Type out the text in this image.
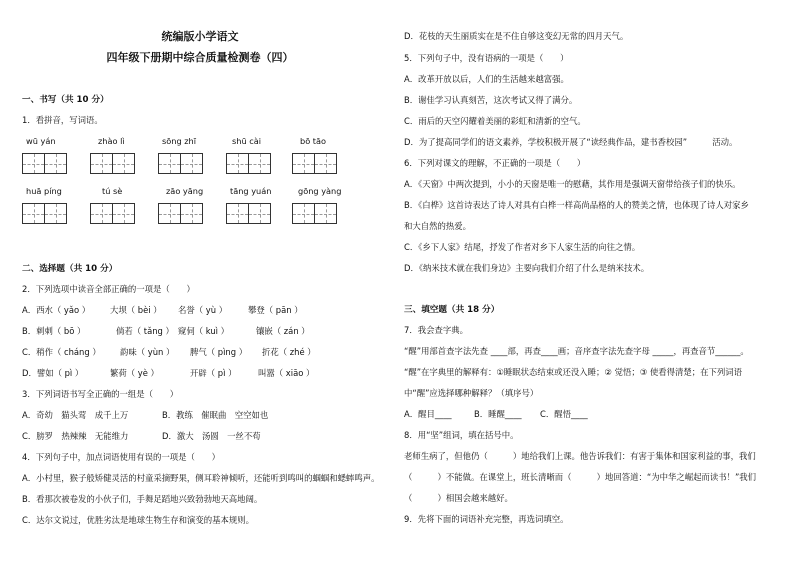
统编版小学语文
四年级下册期中综合质量检测卷（四）
一、书写（共 10 分）
1．看拼音，写词语。
wū yán	zhào lì	sōng zhī	shū cài	bō tāo
huā píng	tú sè	zāo yāng	tāng yuán	gōng yàng
二、选择题（共 10 分）
2．下列选项中读音全部正确的一项是（　　）
A．西水（ yǎo ） 大坝（ bèi ） 名誉（ yù ） 攀登（ pān ）
B．刺刺（ bō ）	倘若（ tǎng ） 窥伺（ kuì ）	镶嵌（ zán ）
C．稍作（ cháng ） 韵味（ yùn ） 脾气（ pìng ） 折花（ zhé ）
D．譬如（ pì ）	繁荷（ yè ）	开辟（ pì ）	叫嚣（ xiāo ）
3．下列词语书写全正确的一组是（　　）
A．奇幼　猫头莺　成千上万	B．教练　催眠曲　空空如也
C．膀罗　热辣辣　无能维力	D．激大　汤圆　一丝不苟
4．下列句子中，加点词语使用有误的一项是（　　）
A．小村里，猴子般矫健灵活的村童采摘野果，侧耳聆神倾听，还能听到鸣叫的蝈蝈和蟋蟀鸣声。
B．看那次被卷发的小伙子们，手舞足蹈地兴致勃勃地天高地阔。
C．达尔文说过，优胜劣汰是地球生物生存和演变的基本规则。
D．花枝的天生丽质实在是不住自够这变幻无常的四月天气。
5．下列句子中，没有语病的一项是（　　）
A．改革开放以后，人们的生活越来越富强。
B．谢佳学习认真刻苦，这次考试又得了满分。
C．雨后的天空闪耀着美丽的彩虹和清新的空气。
D．为了提高同学们的语文素养，学校积极开展了“读经典作品，建书香校园”　　　活动。
6．下列对课文的理解，不正确的一项是（　　）
A．《天窗》中两次提到，小小的天窗是唯一的慰藉，其作用是强调天窗带给孩子们的快乐。
B．《白桦》这首诗表达了诗人对具有白桦一样高尚品格的人的赞美之情，也体现了诗人对家乡
和大自然的热爱。
C．《乡下人家》结尾，抒发了作者对乡下人家生活的向往之情。
D．《纳米技术就在我们身边》主要向我们介绍了什么是纳米技术。
三、填空题（共 18 分）
7．我会查字典。
“醒”用部首查字法先查 ____部，再查____画；音序查字法先查字母 _____，再查音节______。
“醒”在字典里的解释有：①睡眠状态结束或还没入睡；② 觉悟；③ 使看得清楚；在下列词语
中“醒”应选择哪种解释？（填序号）
A．醒目____	B．睡醒____ C．醒悟____
8．用“坚”组词，填在括号中。
老师生病了，但他仍（　　　）地给我们上课。他告诉我们：有害于集体和国家利益的事，我们
（　　　）不能做。在课堂上，班长清晰而（　　　）地回答道：“为中华之崛起而读书！”我们
（　　　）相国会越来越好。
9．先将下面的词语补充完整，再选词填空。
